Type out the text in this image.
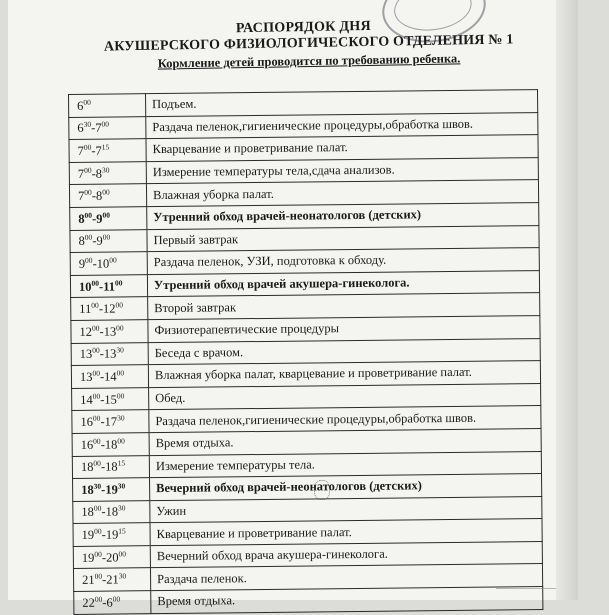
РАСПОРЯДОК ДНЯ
АКУШЕРСКОГО ФИЗИОЛОГИЧЕСКОГО ОТДЕЛЕНИЯ № 1
Кормление детей проводится по требованию ребенка.
$6^{00}$	Подъем.
$6^{30}-7^{00}$	Раздача пеленок,гигиенические процедуры,обработка швов.
$7^{00}-7^{15}$	Кварцевание и проветривание палат.
$7^{00}-8^{30}$	Измерение температуры тела,сдача анализов.
$7^{00}-8^{00}$	Влажная уборка палат.
$8^{00}-9^{00}$	Утренний обход врачей-неонатологов (детских)
$8^{00}-9^{00}$	Первый завтрак
$9^{00}-10^{00}$	Раздача пеленок, УЗИ, подготовка к обходу.
$10^{00}-11^{00}$	Утренний обход врачей акушера-гинеколога.
$11^{00}-12^{00}$	Второй завтрак
$12^{00}-13^{00}$	Физиотерапевтические процедуры
$13^{00}-13^{30}$	Беседа с врачом.
$13^{00}-14^{00}$	Влажная уборка палат, кварцевание и проветривание палат.
$14^{00}-15^{00}$	Обед.
$16^{00}-17^{30}$	Раздача пеленок,гигиенические процедуры,обработка швов.
$16^{00}-18^{00}$	Время отдыха.
$18^{00}-18^{15}$	Измерение температуры тела.
$18^{30}-19^{30}$	Вечерний обход врачей-неонатологов (детских)
$18^{00}-18^{30}$	Ужин
$19^{00}-19^{15}$	Кварцевание и проветривание палат.
$19^{00}-20^{00}$	Вечерний обход врача акушера-гинеколога.
$21^{00}-21^{30}$	Раздача пеленок.
$22^{00}-6^{00}$	Время отдыха.
